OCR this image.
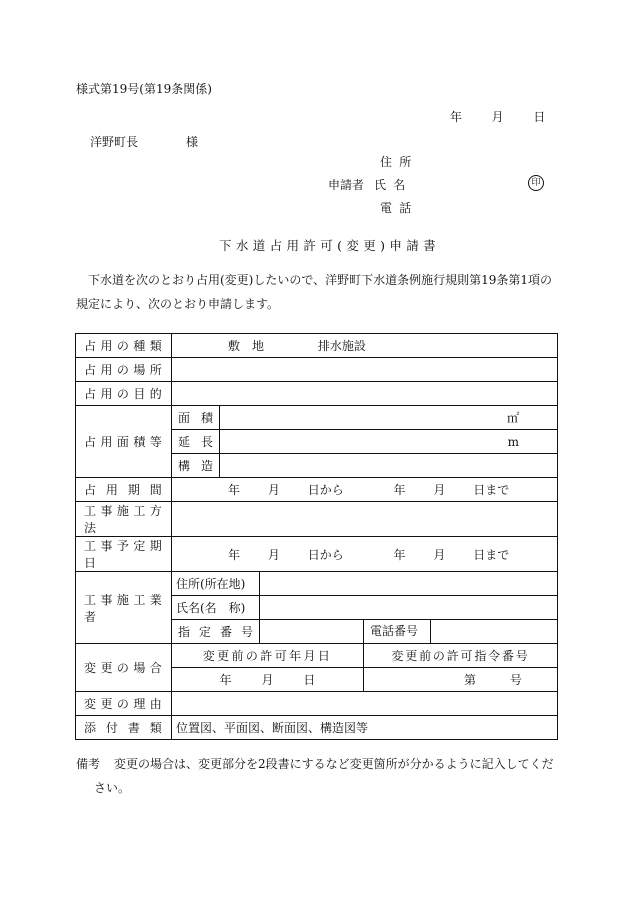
様式第19号(第19条関係)
年 月 日
洋野町長	様
住所
申請者 氏名	印
電話
下水道占用許可(変更)申請書
下水道を次のとおり占用(変更)したいので、洋野町下水道条例施行規則第19条第1項の規定により、次のとおり申請します。
占用の種類	敷　地 排水施設			
占用の場所				
占用の目的				
占用面積等	面積	㎡		
	延長	m		
	構造			
占用期間	年 月 日から 年 月 日まで			
工事施工方法				
工事予定期日	年 月 日から 年 月 日まで			
工事施工業者	住所(所在地)			
	氏名(名　称)			
	指定番号			電話番号

変更の場合	変更前の許可年月日			変更前の許可指令番号
	年 月 日			第 号
変更の理由				
添付書類	位置図、平面図、断面図、構造図等			
備考 変更の場合は、変更部分を2段書にするなど変更箇所が分かるように記入してくだ
さい。
